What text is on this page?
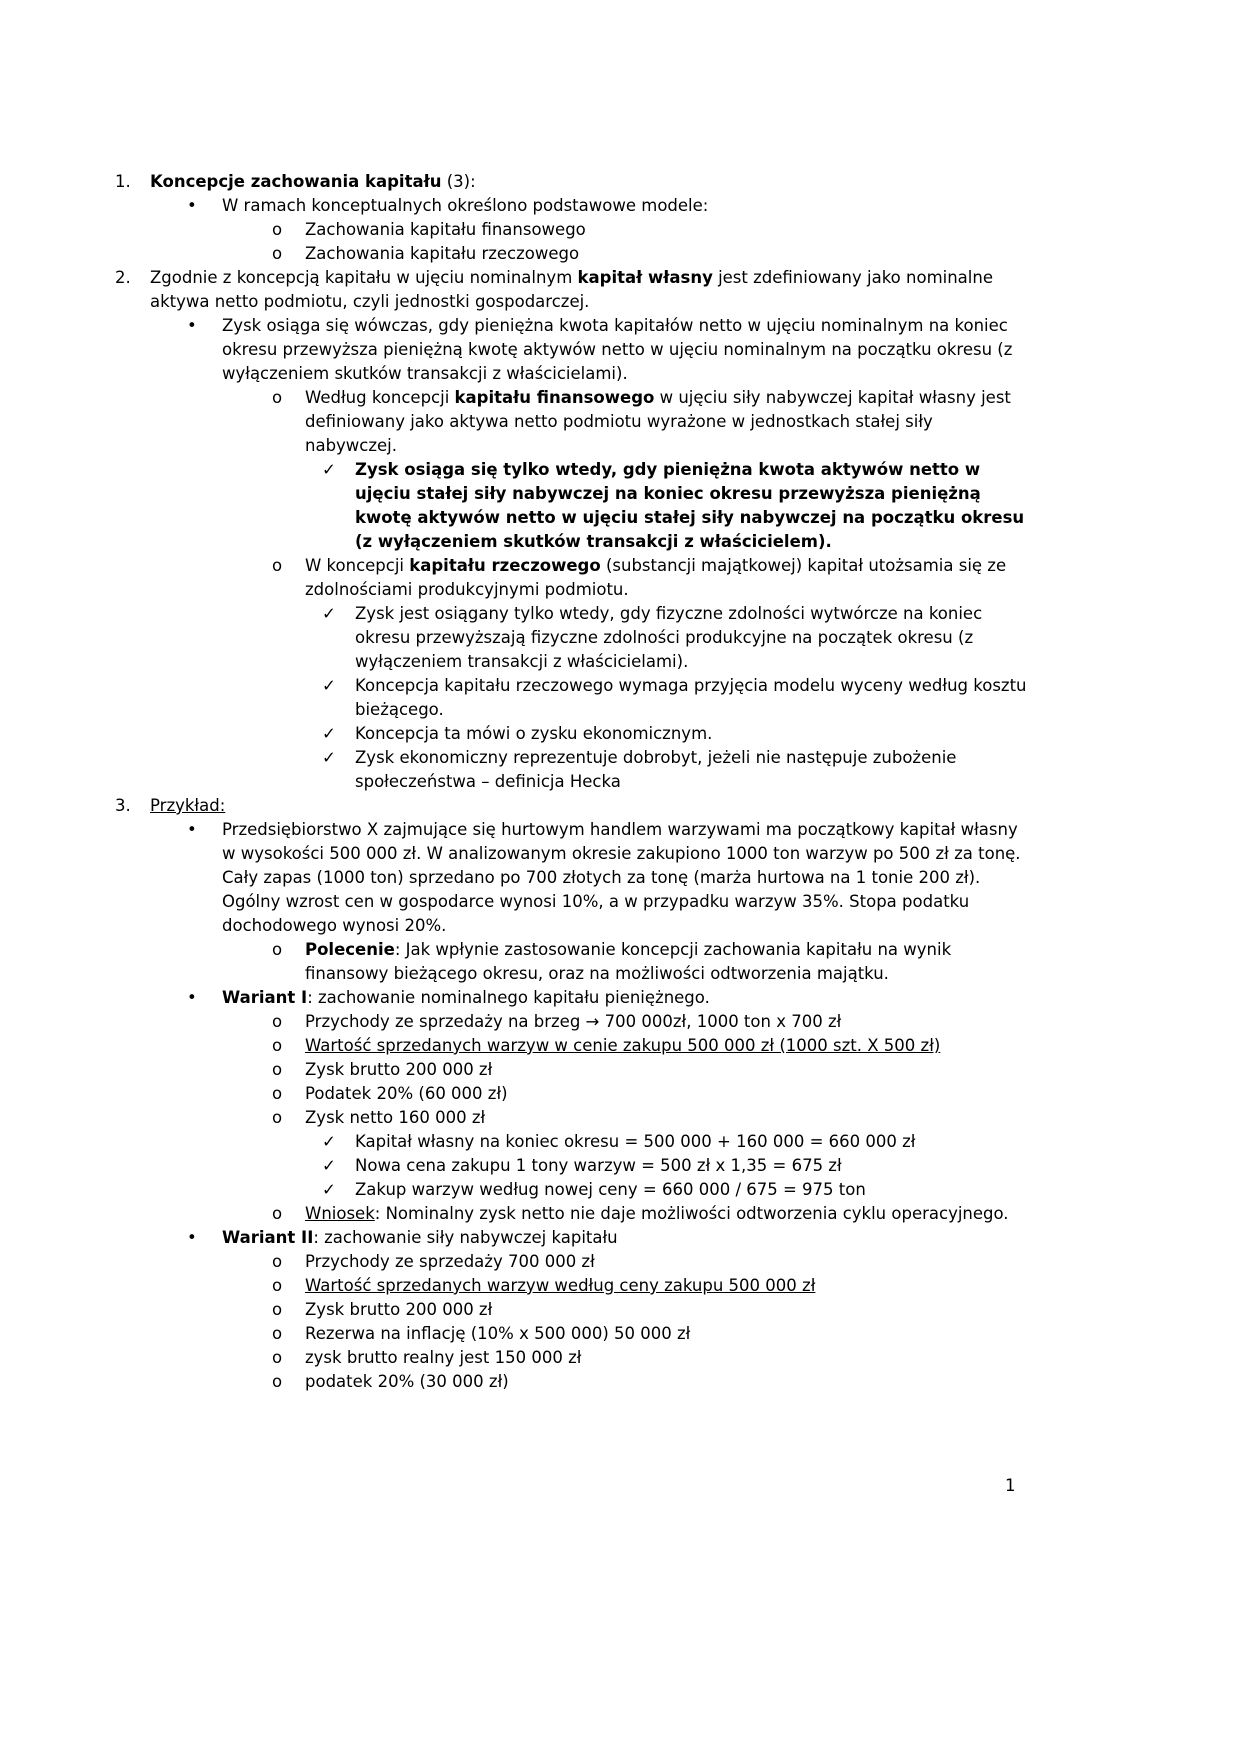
1.	Koncepcje zachowania kapitału (3):
•	W ramach konceptualnych określono podstawowe modele:
o	Zachowania kapitału finansowego
o	Zachowania kapitału rzeczowego
2.	Zgodnie z koncepcją kapitału w ujęciu nominalnym kapitał własny jest zdefiniowany jako nominalne aktywa netto podmiotu, czyli jednostki gospodarczej.
•	Zysk osiąga się wówczas, gdy pieniężna kwota kapitałów netto w ujęciu nominalnym na koniec okresu przewyższa pieniężną kwotę aktywów netto w ujęciu nominalnym na początku okresu (z wyłączeniem skutków transakcji z właścicielami).
o	Według koncepcji kapitału finansowego w ujęciu siły nabywczej kapitał własny jest definiowany jako aktywa netto podmiotu wyrażone w jednostkach stałej siły nabywczej.
✓	Zysk osiąga się tylko wtedy, gdy pieniężna kwota aktywów netto w ujęciu stałej siły nabywczej na koniec okresu przewyższa pieniężną kwotę aktywów netto w ujęciu stałej siły nabywczej na początku okresu (z wyłączeniem skutków transakcji z właścicielem).
o	W koncepcji kapitału rzeczowego (substancji majątkowej) kapitał utożsamia się ze zdolnościami produkcyjnymi podmiotu.
✓	Zysk jest osiągany tylko wtedy, gdy fizyczne zdolności wytwórcze na koniec okresu przewyższają fizyczne zdolności produkcyjne na początek okresu (z wyłączeniem transakcji z właścicielami).
✓	Koncepcja kapitału rzeczowego wymaga przyjęcia modelu wyceny według kosztu bieżącego.
✓	Koncepcja ta mówi o zysku ekonomicznym.
✓	Zysk ekonomiczny reprezentuje dobrobyt, jeżeli nie następuje zubożenie społeczeństwa – definicja Hecka
3.	Przykład:
•	Przedsiębiorstwo X zajmujące się hurtowym handlem warzywami ma początkowy kapitał własny w wysokości 500 000 zł. W analizowanym okresie zakupiono 1000 ton warzyw po 500 zł za tonę. Cały zapas (1000 ton) sprzedano po 700 złotych za tonę (marża hurtowa na 1 tonie 200 zł). Ogólny wzrost cen w gospodarce wynosi 10%, a w przypadku warzyw 35%. Stopa podatku dochodowego wynosi 20%.
o	Polecenie: Jak wpłynie zastosowanie koncepcji zachowania kapitału na wynik finansowy bieżącego okresu, oraz na możliwości odtworzenia majątku.
•	Wariant I: zachowanie nominalnego kapitału pieniężnego.
o	Przychody ze sprzedaży na brzeg → 700 000zł, 1000 ton x 700 zł
o	Wartość sprzedanych warzyw w cenie zakupu 500 000 zł (1000 szt. X 500 zł)
o	Zysk brutto 200 000 zł
o	Podatek 20% (60 000 zł)
o	Zysk netto 160 000 zł
✓	Kapitał własny na koniec okresu = 500 000 + 160 000 = 660 000 zł
✓	Nowa cena zakupu 1 tony warzyw = 500 zł x 1,35 = 675 zł
✓	Zakup warzyw według nowej ceny = 660 000 / 675 = 975 ton
o	Wniosek: Nominalny zysk netto nie daje możliwości odtworzenia cyklu operacyjnego.
•	Wariant II: zachowanie siły nabywczej kapitału
o	Przychody ze sprzedaży 700 000 zł
o	Wartość sprzedanych warzyw według ceny zakupu 500 000 zł
o	Zysk brutto 200 000 zł
o	Rezerwa na inflację (10% x 500 000) 50 000 zł
o	zysk brutto realny jest 150 000 zł
o	podatek 20% (30 000 zł)
1
